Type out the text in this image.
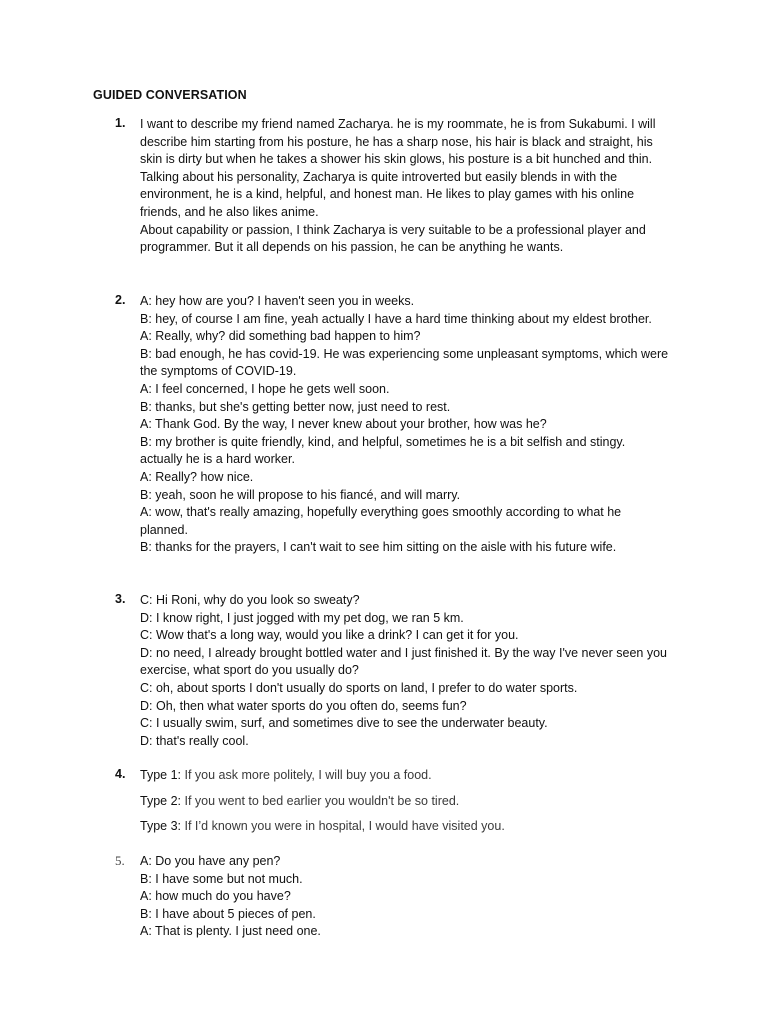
GUIDED CONVERSATION
1.	I want to describe my friend named Zacharya. he is my roommate, he is from Sukabumi. I will describe him starting from his posture, he has a sharp nose, his hair is black and straight, his skin is dirty but when he takes a shower his skin glows, his posture is a bit hunched and thin.
Talking about his personality, Zacharya is quite introverted but easily blends in with the environment, he is a kind, helpful, and honest man. He likes to play games with his online friends, and he also likes anime.
About capability or passion, I think Zacharya is very suitable to be a professional player and programmer. But it all depends on his passion, he can be anything he wants.
2.	A: hey how are you? I haven't seen you in weeks.
B: hey, of course I am fine, yeah actually I have a hard time thinking about my eldest brother.
A: Really, why? did something bad happen to him?
B: bad enough, he has covid-19. He was experiencing some unpleasant symptoms, which were the symptoms of COVID-19.
A: I feel concerned, I hope he gets well soon.
B: thanks, but she's getting better now, just need to rest.
A: Thank God. By the way, I never knew about your brother, how was he?
B: my brother is quite friendly, kind, and helpful, sometimes he is a bit selfish and stingy. actually he is a hard worker.
A: Really? how nice.
B: yeah, soon he will propose to his fiancé, and will marry.
A: wow, that's really amazing, hopefully everything goes smoothly according to what he planned.
B: thanks for the prayers, I can't wait to see him sitting on the aisle with his future wife.
3.	C: Hi Roni, why do you look so sweaty?
D: I know right, I just jogged with my pet dog, we ran 5 km.
C: Wow that's a long way, would you like a drink? I can get it for you.
D: no need, I already brought bottled water and I just finished it. By the way I've never seen you exercise, what sport do you usually do?
C: oh, about sports I don't usually do sports on land, I prefer to do water sports.
D: Oh, then what water sports do you often do, seems fun?
C: I usually swim, surf, and sometimes dive to see the underwater beauty.
D: that's really cool.
4.	Type 1: If you ask more politely, I will buy you a food.
Type 2: If you went to bed earlier you wouldn't be so tired.
Type 3: If I’d known you were in hospital, I would have visited you.
5.	A: Do you have any pen?
B: I have some but not much.
A: how much do you have?
B: I have about 5 pieces of pen.
A: That is plenty. I just need one.
